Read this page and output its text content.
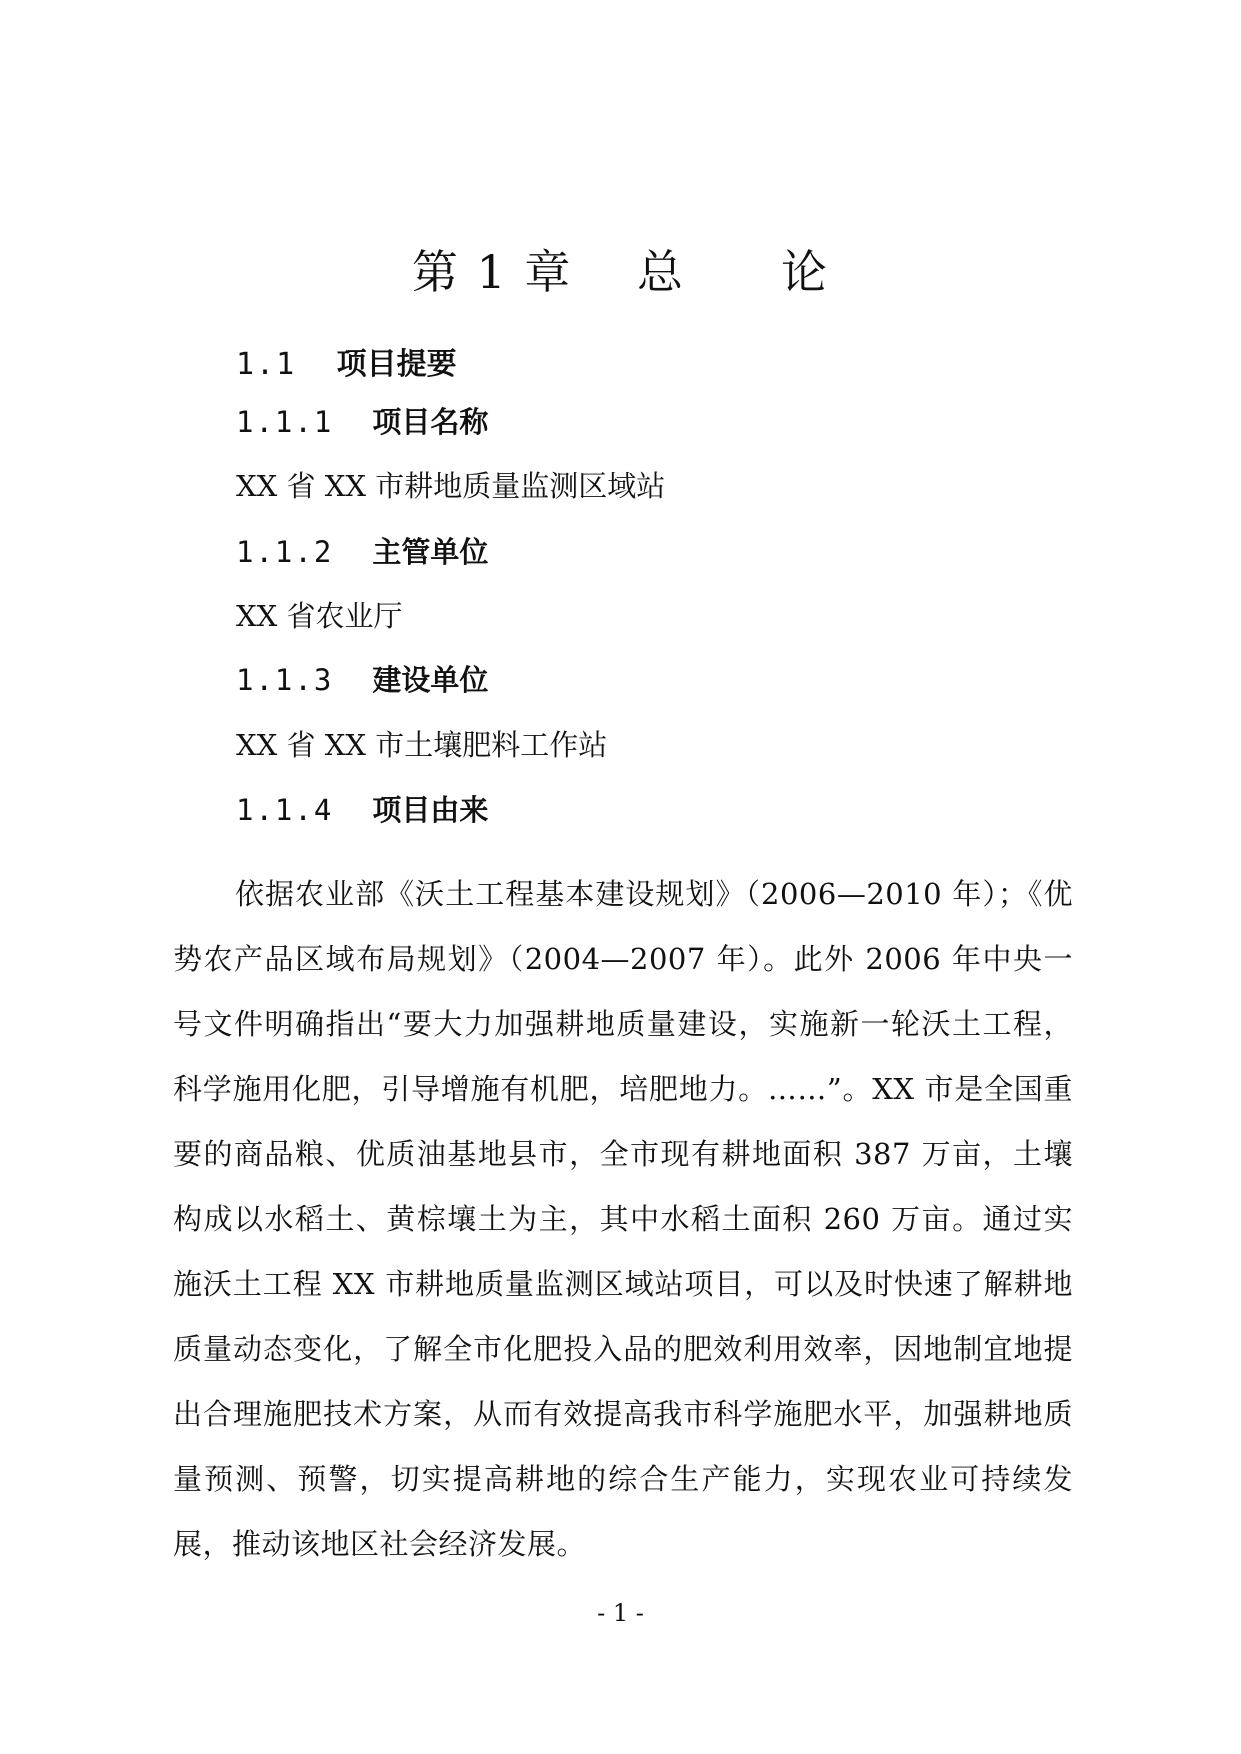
第 1 章　 总　　论
1.1　 项目提要
1.1.1　 项目名称
XX 省 XX 市耕地质量监测区域站
1.1.2　 主管单位
XX 省农业厅
1.1.3　 建设单位
XX 省 XX 市土壤肥料工作站
1.1.4　 项目由来

依据农业部《沃土工程基本建设规划》（2006—2010 年）；《优势农产品区域布局规划》（2004—2007 年）。此外 2006 年中央一号文件明确指出“要大力加强耕地质量建设，实施新一轮沃土工程，科学施用化肥，引导增施有机肥，培肥地力。……”。XX 市是全国重要的商品粮、优质油基地县市，全市现有耕地面积 387 万亩，土壤构成以水稻土、黄棕壤土为主，其中水稻土面积 260 万亩。通过实施沃土工程 XX 市耕地质量监测区域站项目，可以及时快速了解耕地质量动态变化，了解全市化肥投入品的肥效利用效率，因地制宜地提出合理施肥技术方案，从而有效提高我市科学施肥水平，加强耕地质量预测、预警，切实提高耕地的综合生产能力，实现农业可持续发展，推动该地区社会经济发展。

- 1 -
